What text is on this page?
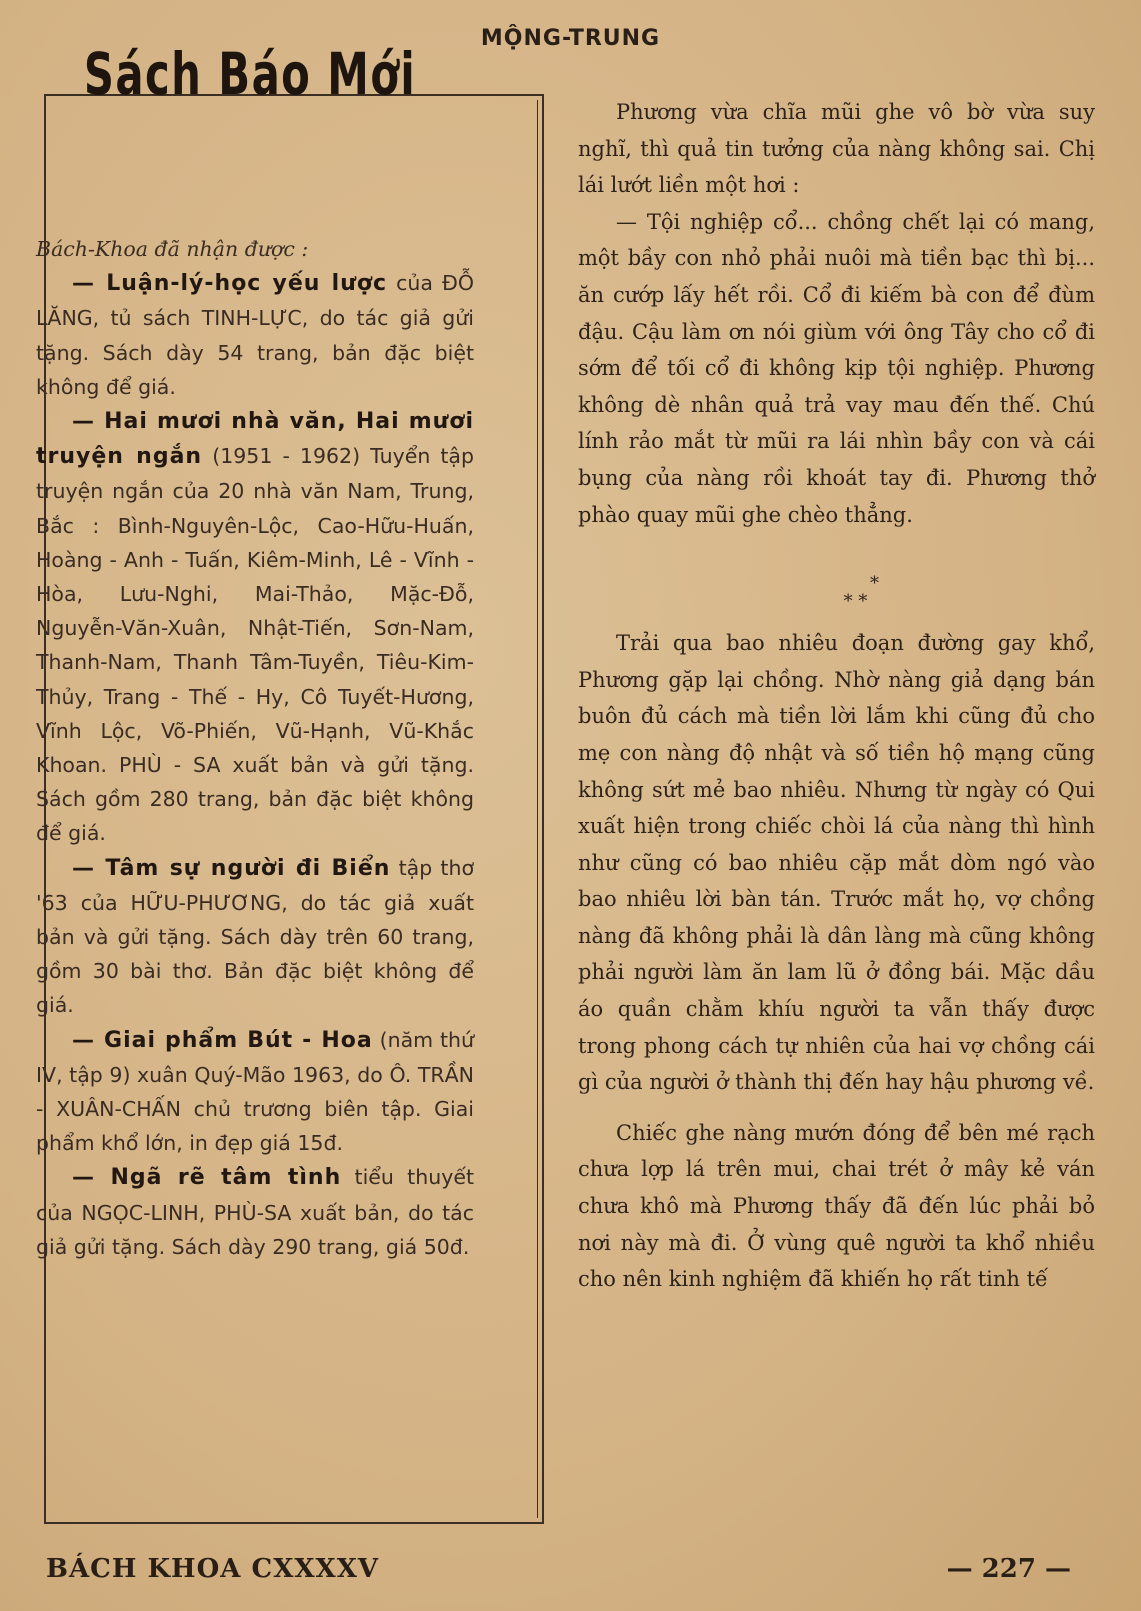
MỘNG-TRUNG
Sách Báo Mới

Bách-Khoa đã nhận được :

— Luận-lý-học yếu lược của ĐỖ LĂNG, tủ sách TINH-LỰC, do tác giả gửi tặng. Sách dày 54 trang, bản đặc biệt không để giá.

— Hai mươi nhà văn, Hai mươi truyện ngắn (1951 - 1962) Tuyển tập truyện ngắn của 20 nhà văn Nam, Trung, Bắc : Bình-Nguyên-Lộc, Cao-Hữu-Huấn, Hoàng - Anh - Tuấn, Kiêm-Minh, Lê - Vĩnh - Hòa, Lưu-Nghi, Mai-Thảo, Mặc-Đỗ, Nguyễn-Văn-Xuân, Nhật-Tiến, Sơn-Nam, Thanh-Nam, Thanh Tâm-Tuyền, Tiêu-Kim-Thủy, Trang - Thế - Hy, Cô Tuyết-Hương, Vĩnh Lộc, Võ-Phiến, Vũ-Hạnh, Vũ-Khắc Khoan. PHÙ - SA xuất bản và gửi tặng. Sách gồm 280 trang, bản đặc biệt không để giá.

— Tâm sự người đi Biển tập thơ '63 của HỮU-PHƯƠNG, do tác giả xuất bản và gửi tặng. Sách dày trên 60 trang, gồm 30 bài thơ. Bản đặc biệt không để giá.

— Giai phẩm Bút - Hoa (năm thứ IV, tập 9) xuân Quý-Mão 1963, do Ô. TRẦN - XUÂN-CHẤN chủ trương biên tập. Giai phẩm khổ lớn, in đẹp giá 15đ.

— Ngã rẽ tâm tình tiểu thuyết của NGỌC-LINH, PHÙ-SA xuất bản, do tác giả gửi tặng. Sách dày 290 trang, giá 50đ.

Phương vừa chĩa mũi ghe vô bờ vừa suy nghĩ, thì quả tin tưởng của nàng không sai. Chị lái lướt liền một hơi :

— Tội nghiệp cổ... chồng chết lại có mang, một bầy con nhỏ phải nuôi mà tiền bạc thì bị... ăn cướp lấy hết rồi. Cổ đi kiếm bà con để đùm đậu. Cậu làm ơn nói giùm với ông Tây cho cổ đi sớm để tối cổ đi không kịp tội nghiệp. Phương không dè nhân quả trả vay mau đến thế. Chú lính rảo mắt từ mũi ra lái nhìn bầy con và cái bụng của nàng rồi khoát tay đi. Phương thở phào quay mũi ghe chèo thẳng.

*
* *

Trải qua bao nhiêu đoạn đường gay khổ, Phương gặp lại chồng. Nhờ nàng giả dạng bán buôn đủ cách mà tiền lời lắm khi cũng đủ cho mẹ con nàng độ nhật và số tiền hộ mạng cũng không sứt mẻ bao nhiêu. Nhưng từ ngày có Qui xuất hiện trong chiếc chòi lá của nàng thì hình như cũng có bao nhiêu cặp mắt dòm ngó vào bao nhiêu lời bàn tán. Trước mắt họ, vợ chồng nàng đã không phải là dân làng mà cũng không phải người làm ăn lam lũ ở đồng bái. Mặc dầu áo quần chằm khíu người ta vẫn thấy được trong phong cách tự nhiên của hai vợ chồng cái gì của người ở thành thị đến hay hậu phương về.

Chiếc ghe nàng mướn đóng để bên mé rạch chưa lợp lá trên mui, chai trét ở mây kẻ ván chưa khô mà Phương thấy đã đến lúc phải bỏ nơi này mà đi. Ở vùng quê người ta khổ nhiều cho nên kinh nghiệm đã khiến họ rất tinh tế

BÁCH KHOA CXXXXV	— 227 —
